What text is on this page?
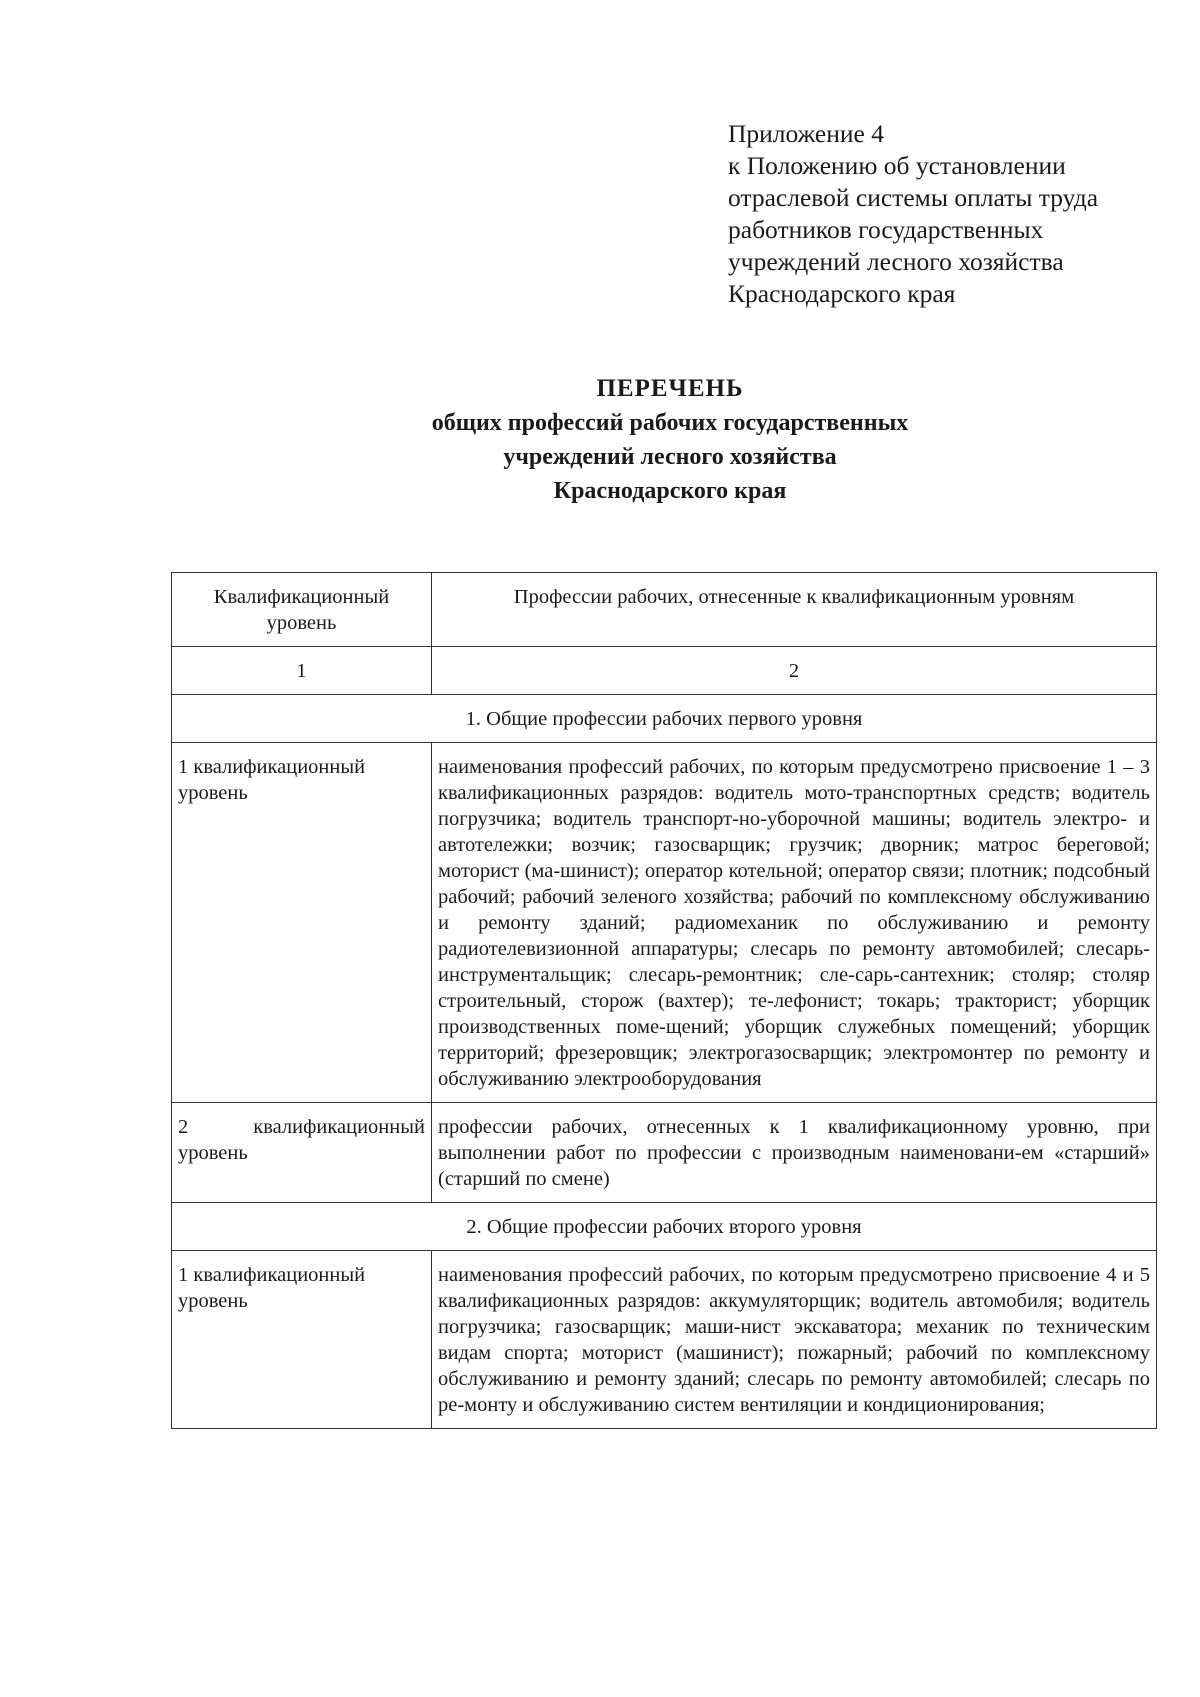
Приложение 4
к Положению об установлении
отраслевой системы оплаты труда
работников государственных
учреждений лесного хозяйства
Краснодарского края
ПЕРЕЧЕНЬ
общих профессий рабочих государственных
учреждений лесного хозяйства
Краснодарского края
Квалификационный уровень	Профессии рабочих, отнесенные к квалификационным уровням
1	2
1. Общие профессии рабочих первого уровня	
1 квалификационный уровень	наименования профессий рабочих, по которым предусмотрено присвоение 1 – 3 квалификационных разрядов: водитель мото-транспортных средств; водитель погрузчика; водитель транспорт-но-уборочной машины; водитель электро- и автотележки; возчик; газосварщик; грузчик; дворник; матрос береговой; моторист (ма-шинист); оператор котельной; оператор связи; плотник; подсобный рабочий; рабочий зеленого хозяйства; рабочий по комплексному обслуживанию и ремонту зданий; радиомеханик по обслуживанию и ремонту радиотелевизионной аппаратуры; слесарь по ремонту автомобилей; слесарь-инструментальщик; слесарь-ремонтник; сле-сарь-сантехник; столяр; столяр строительный, сторож (вахтер); те-лефонист; токарь; тракторист; уборщик производственных поме-щений; уборщик служебных помещений; уборщик территорий; фрезеровщик; электрогазосварщик; электромонтер по ремонту и обслуживанию электрооборудования
2 квалификационный уровень	профессии рабочих, отнесенных к 1 квалификационному уровню, при выполнении работ по профессии с производным наименовани-ем «старший» (старший по смене)
2. Общие профессии рабочих второго уровня	
1 квалификационный уровень	наименования профессий рабочих, по которым предусмотрено присвоение 4 и 5 квалификационных разрядов: аккумуляторщик; водитель автомобиля; водитель погрузчика; газосварщик; маши-нист экскаватора; механик по техническим видам спорта; моторист (машинист); пожарный; рабочий по комплексному обслуживанию и ремонту зданий; слесарь по ремонту автомобилей; слесарь по ре-монту и обслуживанию систем вентиляции и кондиционирования;
